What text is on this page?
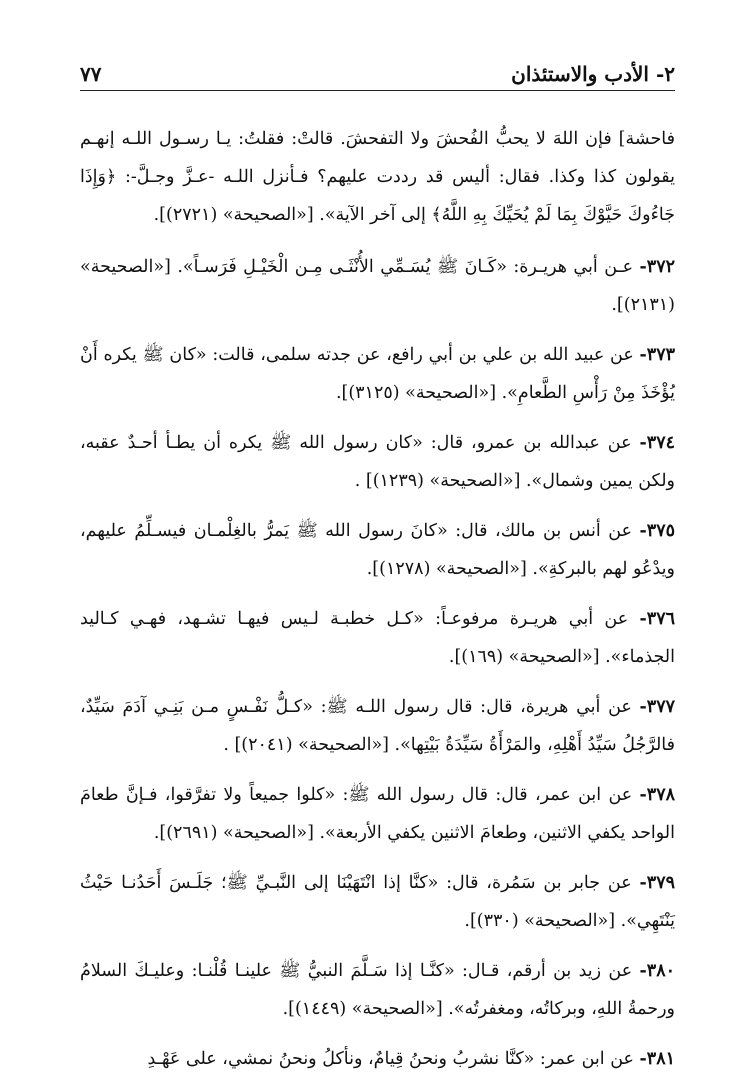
٢- الأدب والاستئذان
٧٧

فاحشة] فإن اللهَ لا يحبُّ الفُحشَ ولا التفحشَ. قالتْ: فقلتُ: يـا رسـول اللـه إنهـم يقولون كذا وكذا. فقال: أليس قد رددت عليهم؟ فـأنزل اللـه -عـزَّ وجـلَّ-: ﴿وَإِذَا جَاءُوكَ حَيَّوْكَ بِمَا لَمْ يُحَيِّكَ بِهِ اللَّهُ﴾ إلى آخر الآية». [«الصحيحة» (٢٧٢١)].

٣٧٢- عـن أبي هريـرة: «كَـانَ ﷺ يُسَـمِّي الأُنْثَـى مِـن الْخَيْـلِ فَرَسـاً». [«الصحيحة» (٢١٣١)].

٣٧٣- عن عبيد الله بن علي بن أبي رافع، عن جدته سلمى، قالت: «كان ﷺ يكره أَنْ يُؤْخَذَ مِنْ رَأْسِ الطَّعامِ». [«الصحيحة» (٣١٢٥)].

٣٧٤- عن عبدالله بن عمرو، قال: «كان رسول الله ﷺ يكره أن يطـأ أحـدٌ عقبه، ولكن يمين وشمال». [«الصحيحة» (١٢٣٩)] .

٣٧٥- عن أنس بن مالك، قال: «كانَ رسول الله ﷺ يَمرُّ بالغِلْمـان فيسـلِّمُ عليهم، ويدْعُو لهم بالبركةِ». [«الصحيحة» (١٢٧٨)].

٣٧٦- عن أبي هريـرة مرفوعـاً: «كـل خطبـة لـيس فيهـا تشـهد، فهـي كـاليد الجذماء». [«الصحيحة» (١٦٩)].

٣٧٧- عن أبي هريرة، قال: قال رسول اللـه ﷺ: «كـلُّ نَفْـسٍ مـن بَنِـي آدَمَ سَيِّدٌ، فالرَّجُلُ سَيِّدُ أَهْلِهِ، والمَرْأَةُ سَيِّدَةُ بَيْتِها». [«الصحيحة» (٢٠٤١)] .

٣٧٨- عن ابن عمر، قال: قال رسول الله ﷺ: «كلوا جميعاً ولا تفرَّقوا، فـإنَّ طعامَ الواحد يكفي الاثنين، وطعامَ الاثنين يكفي الأربعة». [«الصحيحة» (٢٦٩١)].

٣٧٩- عن جابر بن سَمُرة، قال: «كنَّا إذا انْتَهَيْنَا إلى النَّبـيِّ ﷺ؛ جَلَـسَ أَحَدُنـا حَيْثُ يَنْتَهِي». [«الصحيحة» (٣٣٠)].

٣٨٠- عن زيد بن أرقم، قـال: «كنَّـا إذا سَـلَّمَ النبيُّ ﷺ علينـا قُلْنـا: وعليـكَ السلامُ ورحمةُ اللهِ، وبركاتُه، ومغفرتُه». [«الصحيحة» (١٤٤٩)].

٣٨١- عن ابن عمر: «كنَّا نشربُ ونحنُ قِيامٌ، ونأكلُ ونحنُ نمشي، على عَهْـدِ
